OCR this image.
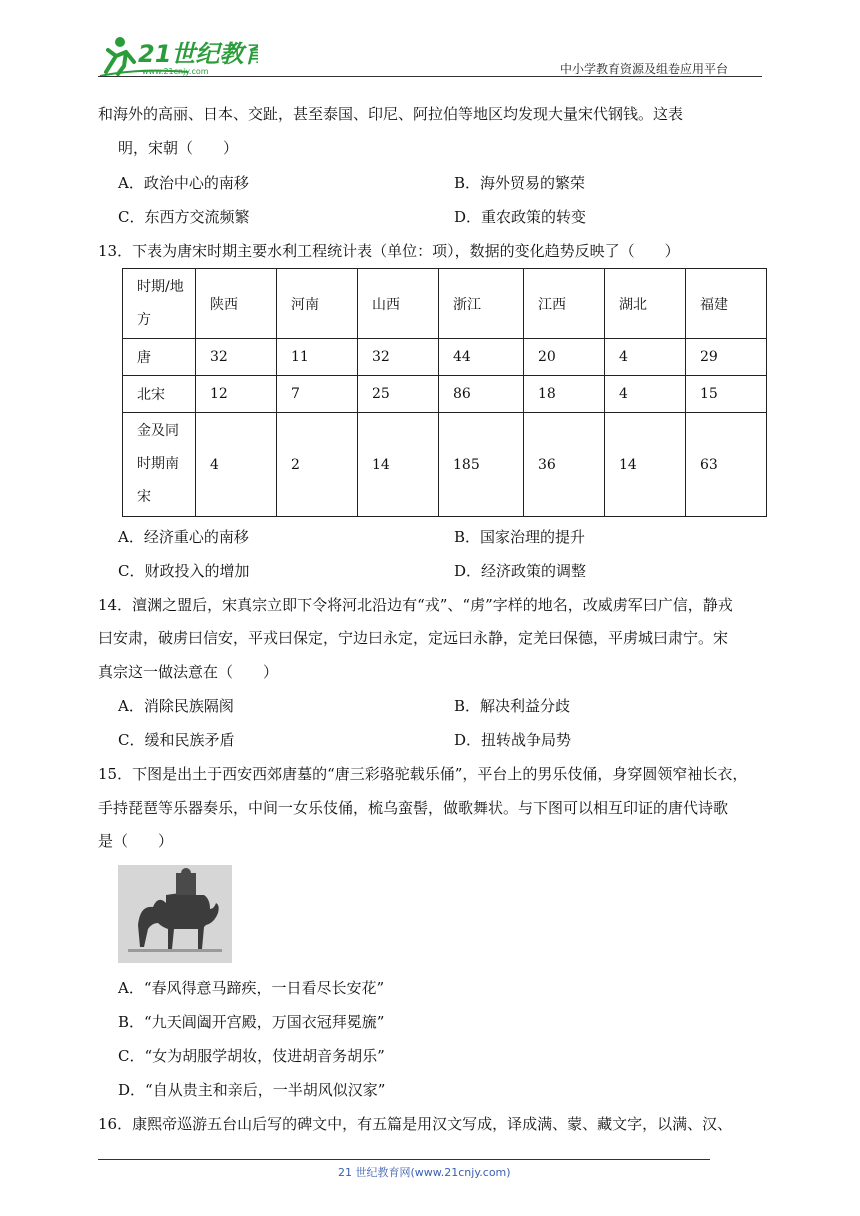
21世纪教育
www.21cnjy.com	中小学教育资源及组卷应用平台
和海外的高丽、日本、交趾，甚至泰国、印尼、阿拉伯等地区均发现大量宋代钢钱。这表
明，宋朝（　　）
A．政治中心的南移	B．海外贸易的繁荣
C．东西方交流频繁	D．重农政策的转变
13．下表为唐宋时期主要水利工程统计表（单位：项），数据的变化趋势反映了（　　）
时期/地
方	陕西	河南	山西	浙江	江西	湖北	福建
唐	32	11	32	44	20	4	29
北宋	12	7	25	86	18	4	15

金及同
时期南
宋	4	2	14	185	36	14	63
A．经济重心的南移	B．国家治理的提升
C．财政投入的增加	D．经济政策的调整
14．澶渊之盟后，宋真宗立即下令将河北沿边有“戎”、“虏”字样的地名，改威虏军曰广信，静戎
曰安肃，破虏曰信安，平戎曰保定，宁边曰永定，定远曰永静，定羌曰保德，平虏城曰肃宁。宋
真宗这一做法意在（　　）
A．消除民族隔阂	B．解决利益分歧
C．缓和民族矛盾	D．扭转战争局势
15．下图是出土于西安西郊唐墓的“唐三彩骆驼载乐俑”，平台上的男乐伎俑，身穿圆领窄袖长衣，
手持琵琶等乐器奏乐，中间一女乐伎俑，梳乌蛮髻，做歌舞状。与下图可以相互印证的唐代诗歌
是（　　）
A．“春风得意马蹄疾，一日看尽长安花”
B．“九天阊阖开宫殿，万国衣冠拜冕旒”
C．“女为胡服学胡妆，伎进胡音务胡乐”
D．“自从贵主和亲后，一半胡风似汉家”
16．康熙帝巡游五台山后写的碑文中，有五篇是用汉文写成，译成满、蒙、藏文字，以满、汉、
21 世纪教育网(www.21cnjy.com)
